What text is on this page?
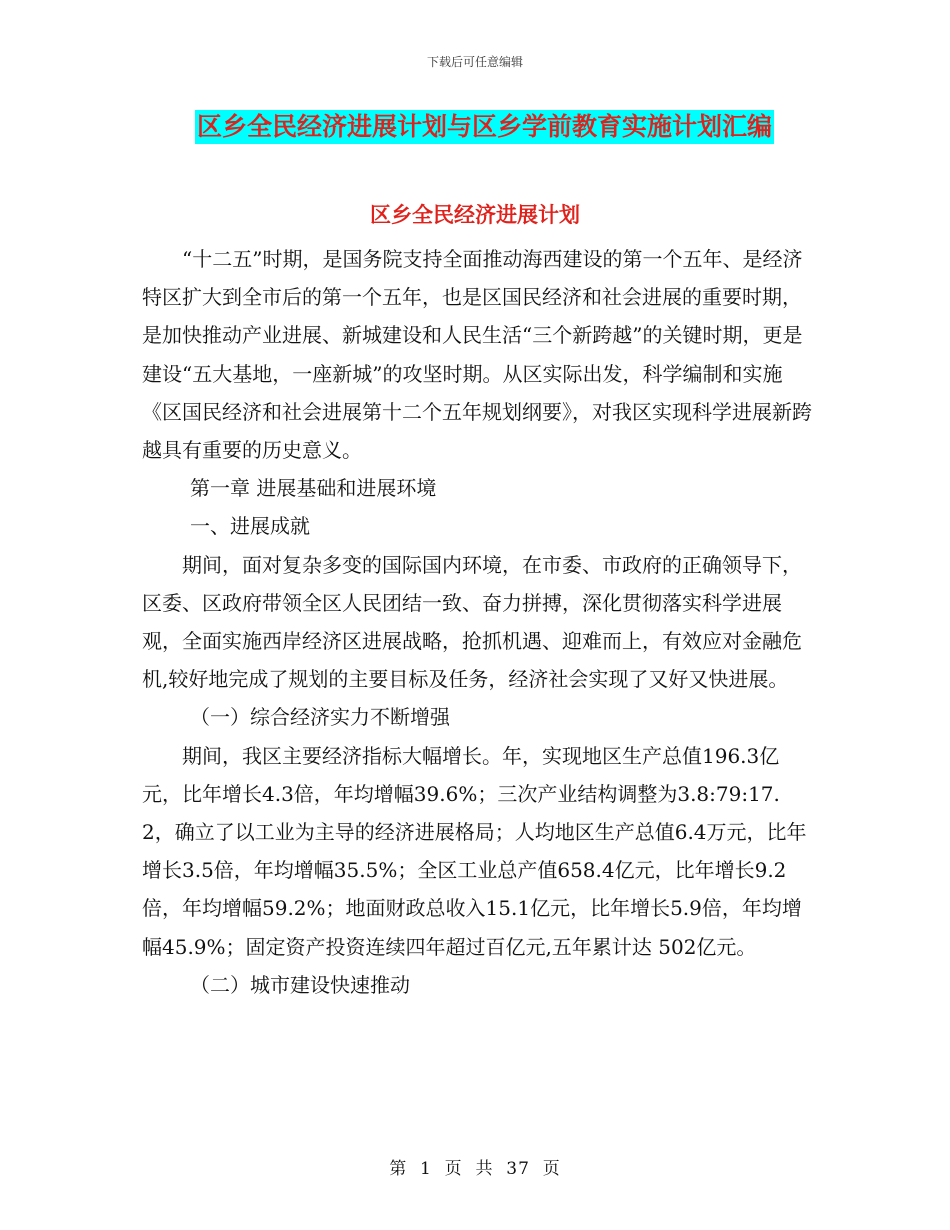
下载后可任意编辑
区乡全民经济进展计划与区乡学前教育实施计划汇编
区乡全民经济进展计划

“十二五”时期，是国务院支持全面推动海西建设的第一个五年、是经济特区扩大到全市后的第一个五年，也是区国民经济和社会进展的重要时期，是加快推动产业进展、新城建设和人民生活“三个新跨越”的关键时期，更是建设“五大基地，一座新城”的攻坚时期。从区实际出发，科学编制和实施《区国民经济和社会进展第十二个五年规划纲要》，对我区实现科学进展新跨越具有重要的历史意义。

第一章 进展基础和进展环境

一、进展成就

期间，面对复杂多变的国际国内环境，在市委、市政府的正确领导下，区委、区政府带领全区人民团结一致、奋力拼搏，深化贯彻落实科学进展观，全面实施西岸经济区进展战略，抢抓机遇、迎难而上，有效应对金融危机,较好地完成了规划的主要目标及任务，经济社会实现了又好又快进展。

（一）综合经济实力不断增强

期间，我区主要经济指标大幅增长。年，实现地区生产总值196.3亿元，比年增长4.3倍，年均增幅39.6%；三次产业结构调整为3.8:79:17.2，确立了以工业为主导的经济进展格局；人均地区生产总值6.4万元，比年增长3.5倍，年均增幅35.5%；全区工业总产值658.4亿元，比年增长9.2倍，年均增幅59.2%；地面财政总收入15.1亿元，比年增长5.9倍，年均增幅45.9%；固定资产投资连续四年超过百亿元,五年累计达 502亿元。

（二）城市建设快速推动

第  1  页  共  37  页
